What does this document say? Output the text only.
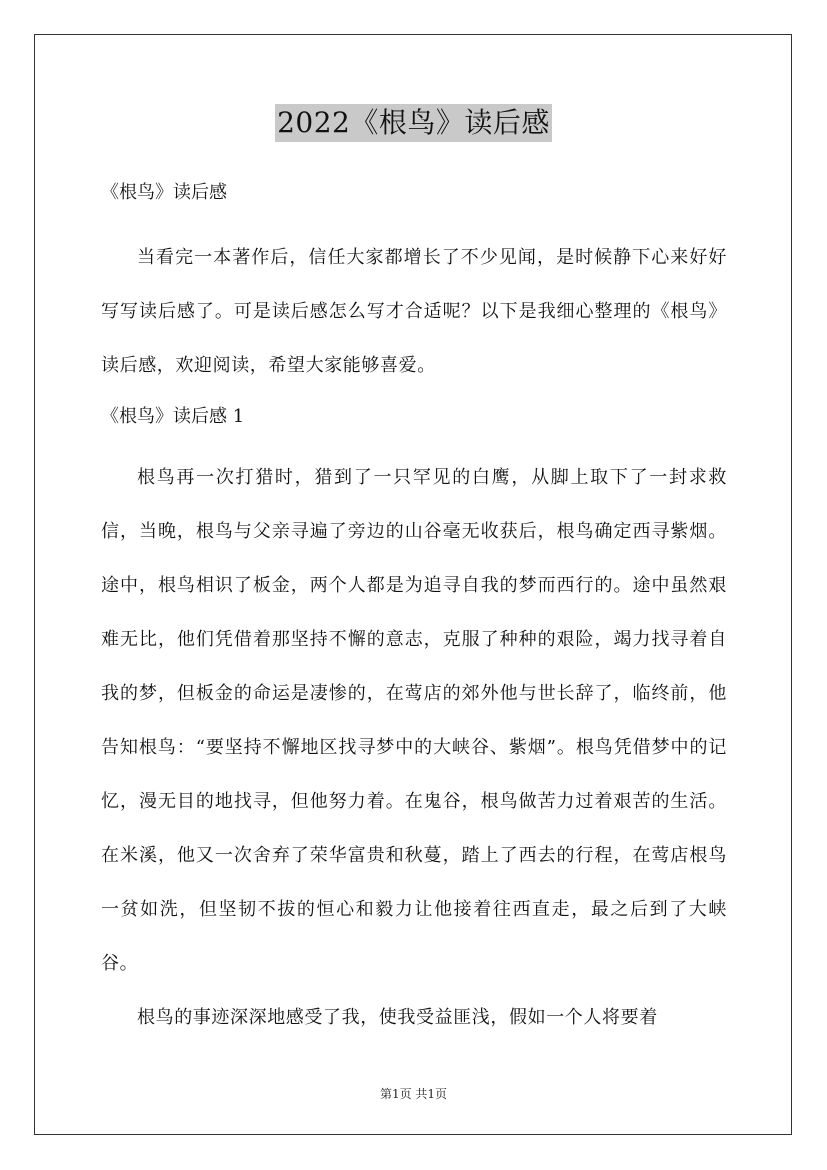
2022《根鸟》读后感

《根鸟》读后感

当看完一本著作后，信任大家都增长了不少见闻，是时候静下心来好好写写读后感了。可是读后感怎么写才合适呢？以下是我细心整理的《根鸟》读后感，欢迎阅读，希望大家能够喜爱。

《根鸟》读后感 1

根鸟再一次打猎时，猎到了一只罕见的白鹰，从脚上取下了一封求救信，当晚，根鸟与父亲寻遍了旁边的山谷毫无收获后，根鸟确定西寻紫烟。途中，根鸟相识了板金，两个人都是为追寻自我的梦而西行的。途中虽然艰难无比，他们凭借着那坚持不懈的意志，克服了种种的艰险，竭力找寻着自我的梦，但板金的命运是凄惨的，在莺店的郊外他与世长辞了，临终前，他告知根鸟：“要坚持不懈地区找寻梦中的大峡谷、紫烟”。根鸟凭借梦中的记忆，漫无目的地找寻，但他努力着。在鬼谷，根鸟做苦力过着艰苦的生活。在米溪，他又一次舍弃了荣华富贵和秋蔓，踏上了西去的行程，在莺店根鸟一贫如洗，但坚韧不拔的恒心和毅力让他接着往西直走，最之后到了大峡谷。

根鸟的事迹深深地感受了我，使我受益匪浅，假如一个人将要着

第1页 共1页
